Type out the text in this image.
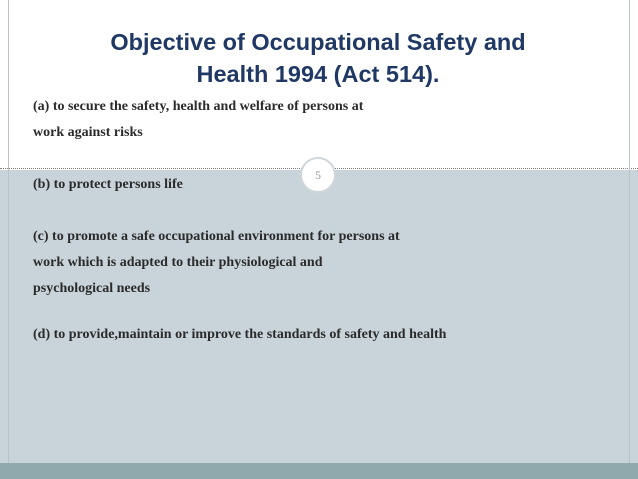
Objective of Occupational Safety and
Health 1994 (Act 514).
(a) to secure the safety, health and welfare of persons at
work against risks
5
(b) to protect persons life
(c) to promote a safe occupational environment for persons at
work which is adapted to their physiological and
psychological needs
(d) to provide,maintain or improve the standards of safety and health
